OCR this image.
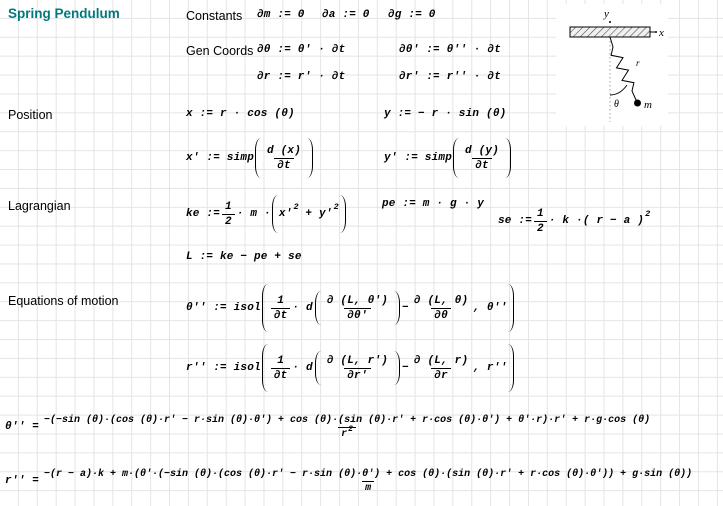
Spring Pendulum	Constants ∂m := 0 ∂a := 0 ∂g := 0
Gen Coords ∂θ := θ' · ∂t	∂θ' := θ'' · ∂t
∂r := r' · ∂t	∂r' := r'' · ∂t
Position	x := r · cos (θ)	y := − r · sin (θ)
x' := simp $\frac{d (x)}{\partial t}$	y' := simp $\frac{d (y)}{\partial t}$
Lagrangian
ke := $\frac{1}{2} \cdot m \cdot x'$
2
+ y'
2	pe := m · g · y
se := $\frac{1}{2} \cdot k$ · ( r − a )
2
L := ke − pe + se
Equations of motion	θ'' := isol $\frac{1}{\partial t} \cdot d \frac{\partial (L, \theta')}{\partial\theta'} - \frac{\partial (L, \theta)}{\partial\theta}$ , θ''
r'' := isol $\frac{1}{\partial t} \cdot d \frac{\partial (L, r')}{\partial r'} - \frac{\partial (L, r)}{\partial r}$ , r''
θ'' =
−(−sin (θ)·(cos (θ)·r' − r·sin (θ)·θ') + cos (θ)·(sin (θ)·r' + r·cos (θ)·θ') + θ'·r)·r' + r·g·cos (θ)
$r^2$
r'' =
−(r − a)·k + m·(θ'·(−sin (θ)·(cos (θ)·r' − r·sin (θ)·θ') + cos (θ)·(sin (θ)·r' + r·cos (θ)·θ')) + g·sin (θ))
m
y
x
r
θ m
